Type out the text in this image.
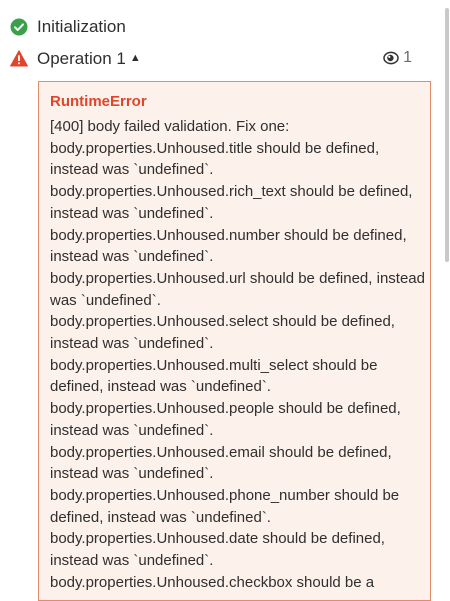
Initialization
Operation 1 ▲	1
RuntimeError
[400] body failed validation. Fix one:
body.properties.Unhoused.title should be defined, instead was `undefined`.
body.properties.Unhoused.rich_text should be defined, instead was `undefined`.
body.properties.Unhoused.number should be defined, instead was `undefined`.
body.properties.Unhoused.url should be defined, instead was `undefined`.
body.properties.Unhoused.select should be defined, instead was `undefined`.
body.properties.Unhoused.multi_select should be defined, instead was `undefined`.
body.properties.Unhoused.people should be defined, instead was `undefined`.
body.properties.Unhoused.email should be defined, instead was `undefined`.
body.properties.Unhoused.phone_number should be defined, instead was `undefined`.
body.properties.Unhoused.date should be defined, instead was `undefined`.
body.properties.Unhoused.checkbox should be a
